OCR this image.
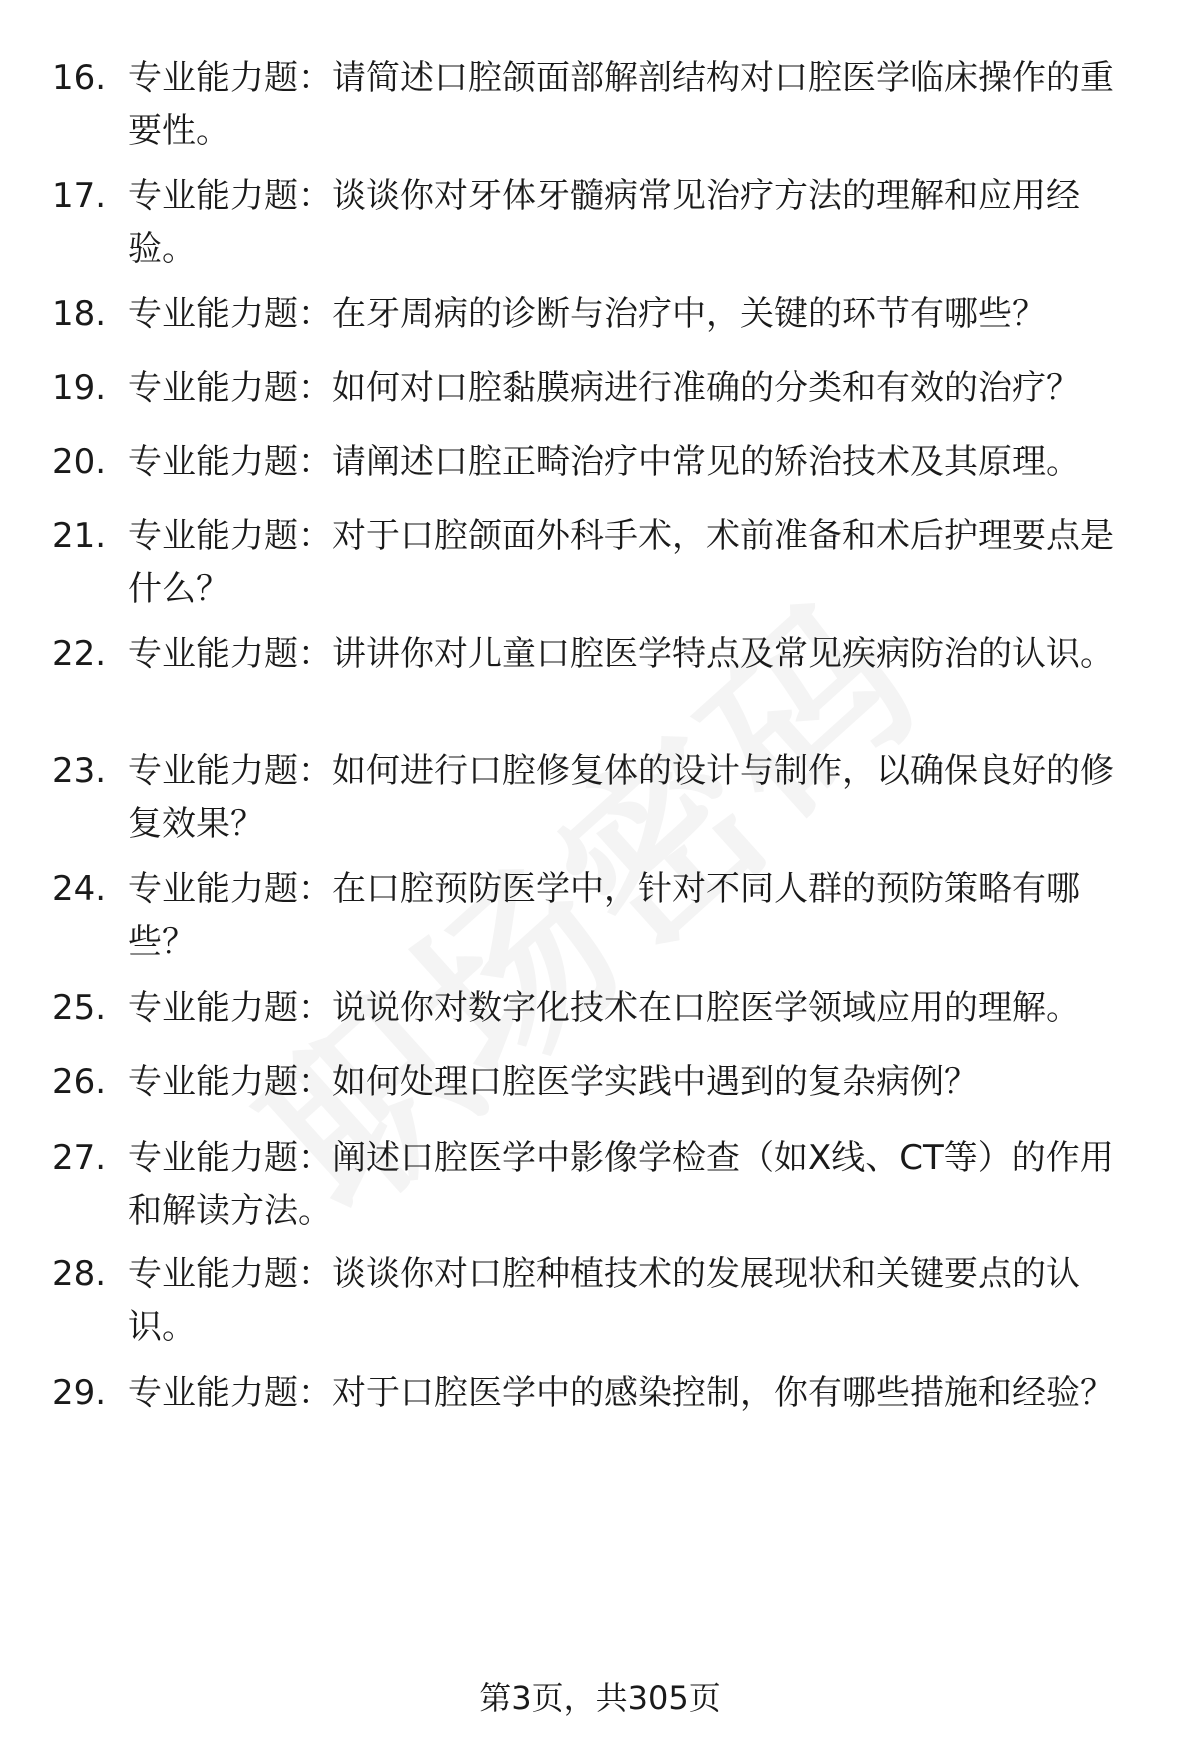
16. 专业能力题：请简述口腔颌面部解剖结构对口腔医学临床操作的重要性。
17. 专业能力题：谈谈你对牙体牙髓病常见治疗方法的理解和应用经验。
18. 专业能力题：在牙周病的诊断与治疗中，关键的环节有哪些？
19. 专业能力题：如何对口腔黏膜病进行准确的分类和有效的治疗？
20. 专业能力题：请阐述口腔正畸治疗中常见的矫治技术及其原理。
21. 专业能力题：对于口腔颌面外科手术，术前准备和术后护理要点是什么？
22. 专业能力题：讲讲你对儿童口腔医学特点及常见疾病防治的认识。
23. 专业能力题：如何进行口腔修复体的设计与制作，以确保良好的修复效果？
24. 专业能力题：在口腔预防医学中，针对不同人群的预防策略有哪些？
25. 专业能力题：说说你对数字化技术在口腔医学领域应用的理解。
26. 专业能力题：如何处理口腔医学实践中遇到的复杂病例？
27. 专业能力题：阐述口腔医学中影像学检查（如X线、CT等）的作用和解读方法。
28. 专业能力题：谈谈你对口腔种植技术的发展现状和关键要点的认识。
29. 专业能力题：对于口腔医学中的感染控制，你有哪些措施和经验？
第3页，共305页
